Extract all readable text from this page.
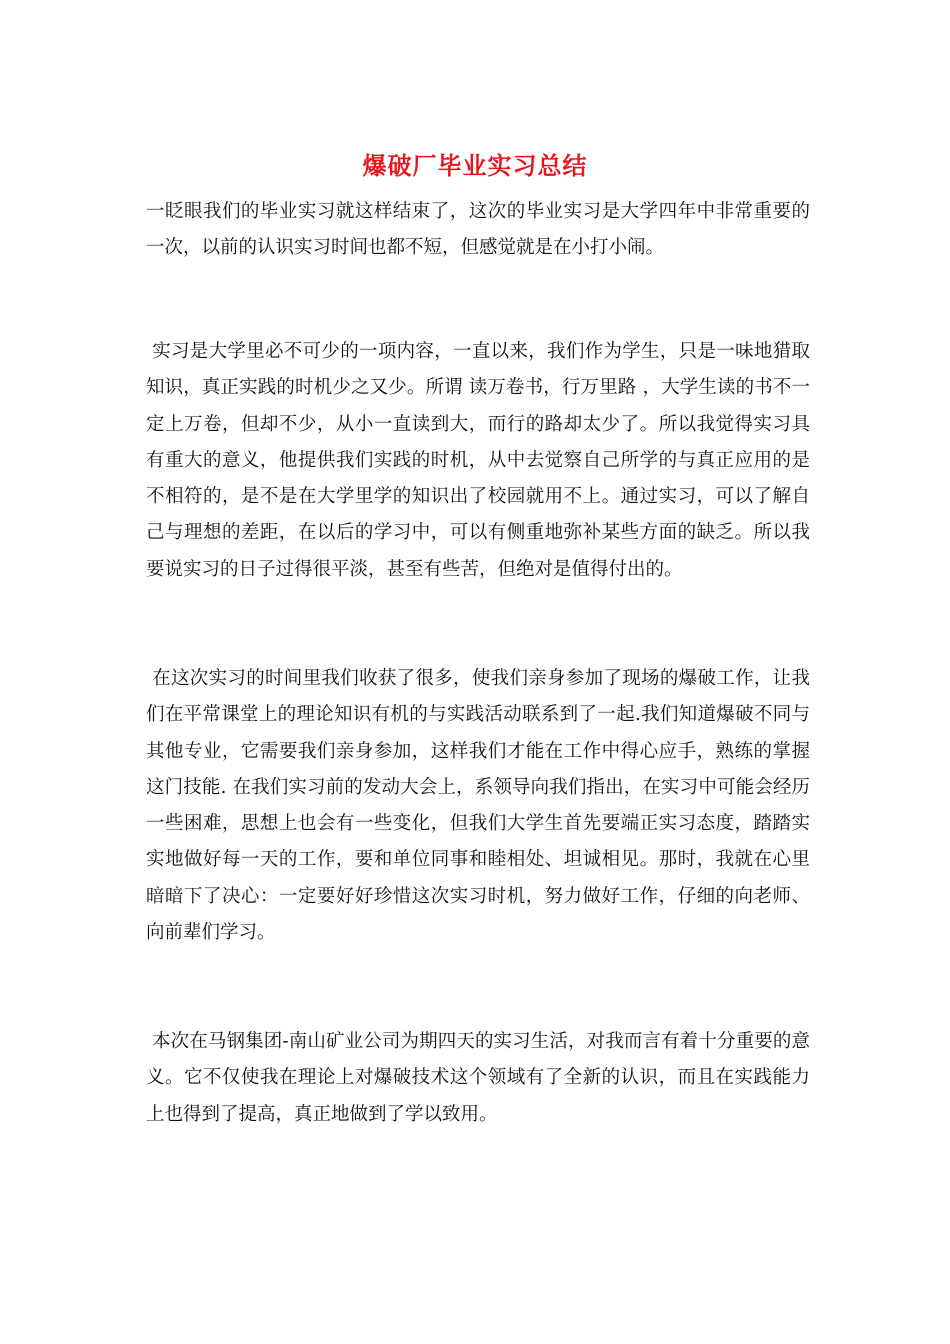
爆破厂毕业实习总结
一眨眼我们的毕业实习就这样结束了，这次的毕业实习是大学四年中非常重要的一次，以前的认识实习时间也都不短，但感觉就是在小打小闹。
实习是大学里必不可少的一项内容，一直以来，我们作为学生，只是一味地猎取知识，真正实践的时机少之又少。所谓 读万卷书，行万里路 ，大学生读的书不一定上万卷，但却不少，从小一直读到大，而行的路却太少了。所以我觉得实习具有重大的意义，他提供我们实践的时机，从中去觉察自己所学的与真正应用的是不相符的，是不是在大学里学的知识出了校园就用不上。通过实习，可以了解自己与理想的差距，在以后的学习中，可以有侧重地弥补某些方面的缺乏。所以我要说实习的日子过得很平淡，甚至有些苦，但绝对是值得付出的。
在这次实习的时间里我们收获了很多，使我们亲身参加了现场的爆破工作，让我们在平常课堂上的理论知识有机的与实践活动联系到了一起.我们知道爆破不同与其他专业，它需要我们亲身参加，这样我们才能在工作中得心应手，熟练的掌握这门技能. 在我们实习前的发动大会上，系领导向我们指出，在实习中可能会经历一些困难，思想上也会有一些变化，但我们大学生首先要端正实习态度，踏踏实实地做好每一天的工作，要和单位同事和睦相处、坦诚相见。那时，我就在心里暗暗下了决心：一定要好好珍惜这次实习时机，努力做好工作，仔细的向老师、向前辈们学习。
本次在马钢集团-南山矿业公司为期四天的实习生活，对我而言有着十分重要的意义。它不仅使我在理论上对爆破技术这个领域有了全新的认识，而且在实践能力上也得到了提高，真正地做到了学以致用。
